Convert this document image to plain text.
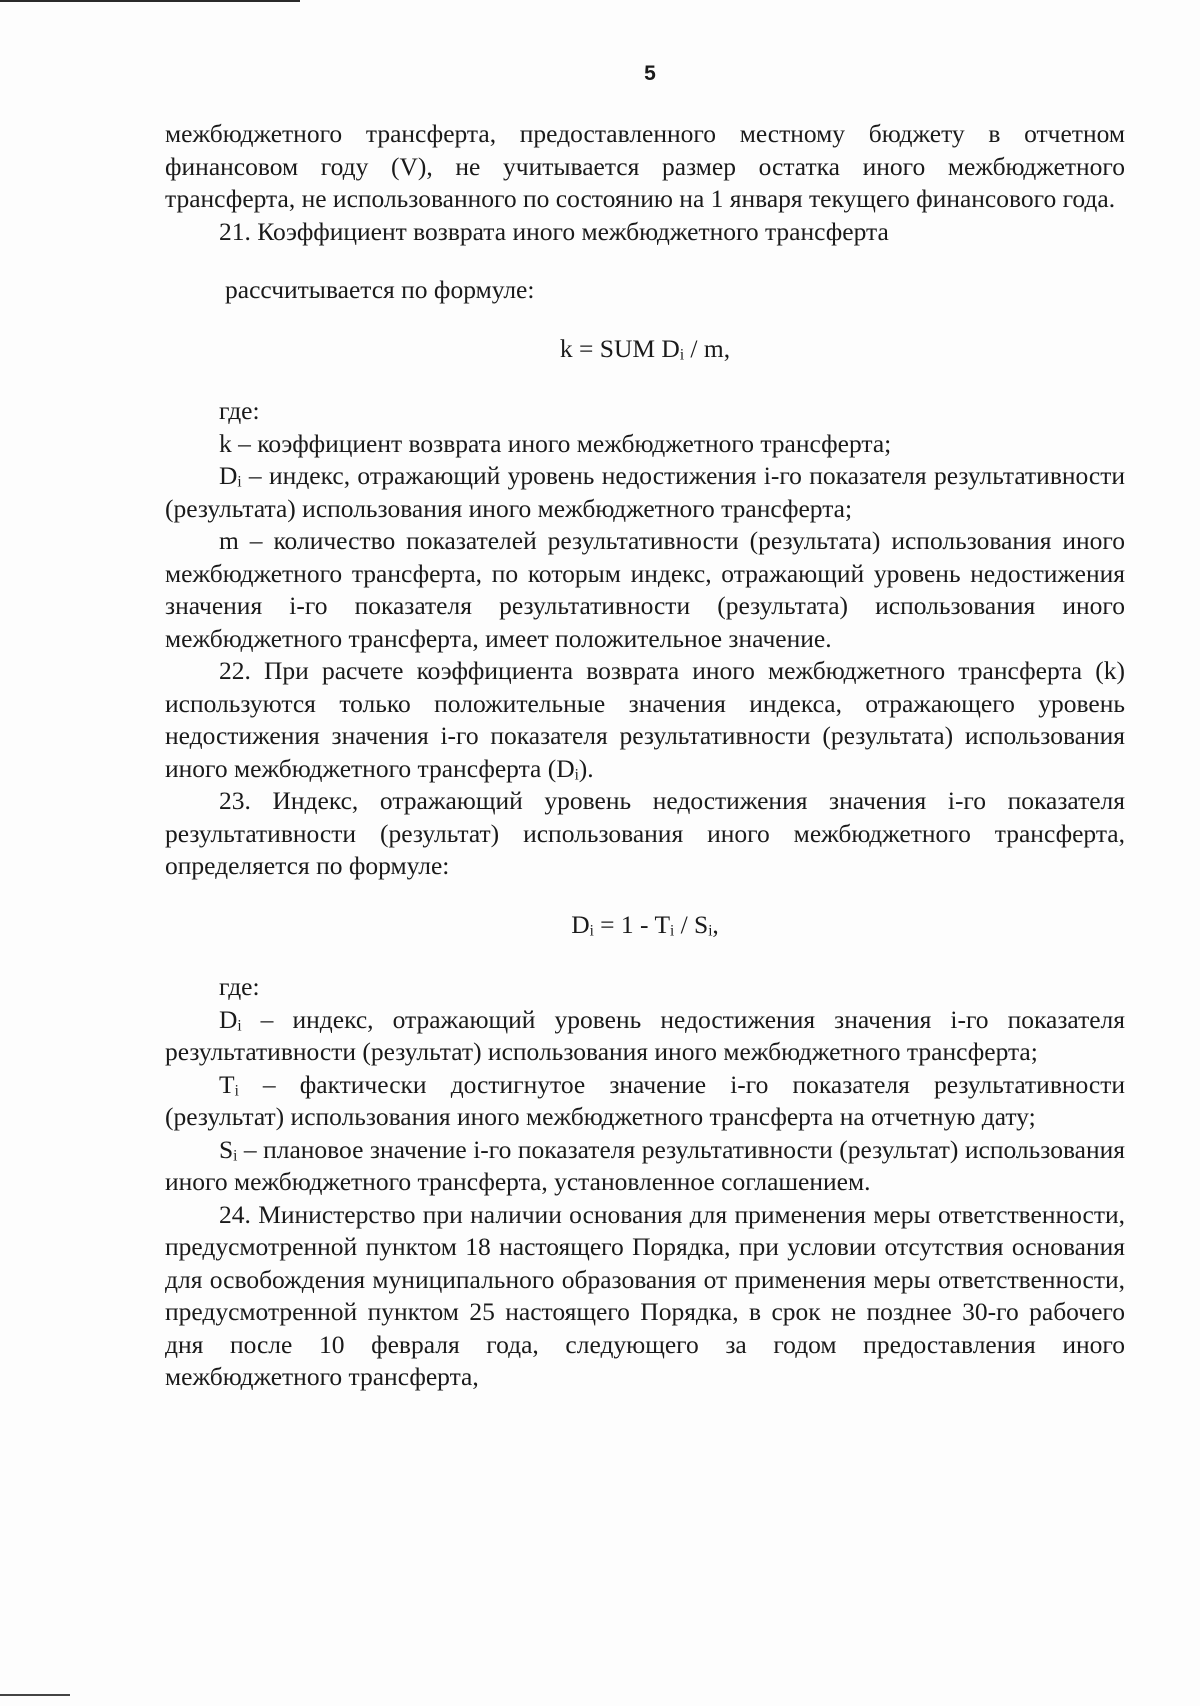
5

межбюджетного трансферта, предоставленного местному бюджету в отчетном финансовом году (V), не учитывается размер остатка иного межбюджетного трансферта, не использованного по состоянию на 1 января текущего финансового года.

21. Коэффициент возврата иного межбюджетного трансферта

рассчитывается по формуле:

k = SUM Dᵢ / m,

где:

k – коэффициент возврата иного межбюджетного трансферта;

Dᵢ – индекс, отражающий уровень недостижения i-го показателя результативности (результата) использования иного межбюджетного трансферта;

m – количество показателей результативности (результата) использования иного межбюджетного трансферта, по которым индекс, отражающий уровень недостижения значения i-го показателя результативности (результата) использования иного межбюджетного трансферта, имеет положительное значение.

22. При расчете коэффициента возврата иного межбюджетного трансферта (k) используются только положительные значения индекса, отражающего уровень недостижения значения i-го показателя результативности (результата) использования иного межбюджетного трансферта (Dᵢ).

23. Индекс, отражающий уровень недостижения значения i-го показателя результативности (результат) использования иного межбюджетного трансферта, определяется по формуле:

Dᵢ = 1 - Tᵢ / Sᵢ,

где:

Dᵢ – индекс, отражающий уровень недостижения значения i-го показателя результативности (результат) использования иного межбюджетного трансферта;

Tᵢ – фактически достигнутое значение i-го показателя результативности (результат) использования иного межбюджетного трансферта на отчетную дату;

Sᵢ – плановое значение i-го показателя результативности (результат) использования иного межбюджетного трансферта, установленное соглашением.

24. Министерство при наличии основания для применения меры ответственности, предусмотренной пунктом 18 настоящего Порядка, при условии отсутствия основания для освобождения муниципального образования от применения меры ответственности, предусмотренной пунктом 25 настоящего Порядка, в срок не позднее 30-го рабочего дня после 10 февраля года, следующего за годом предоставления иного межбюджетного трансферта,
